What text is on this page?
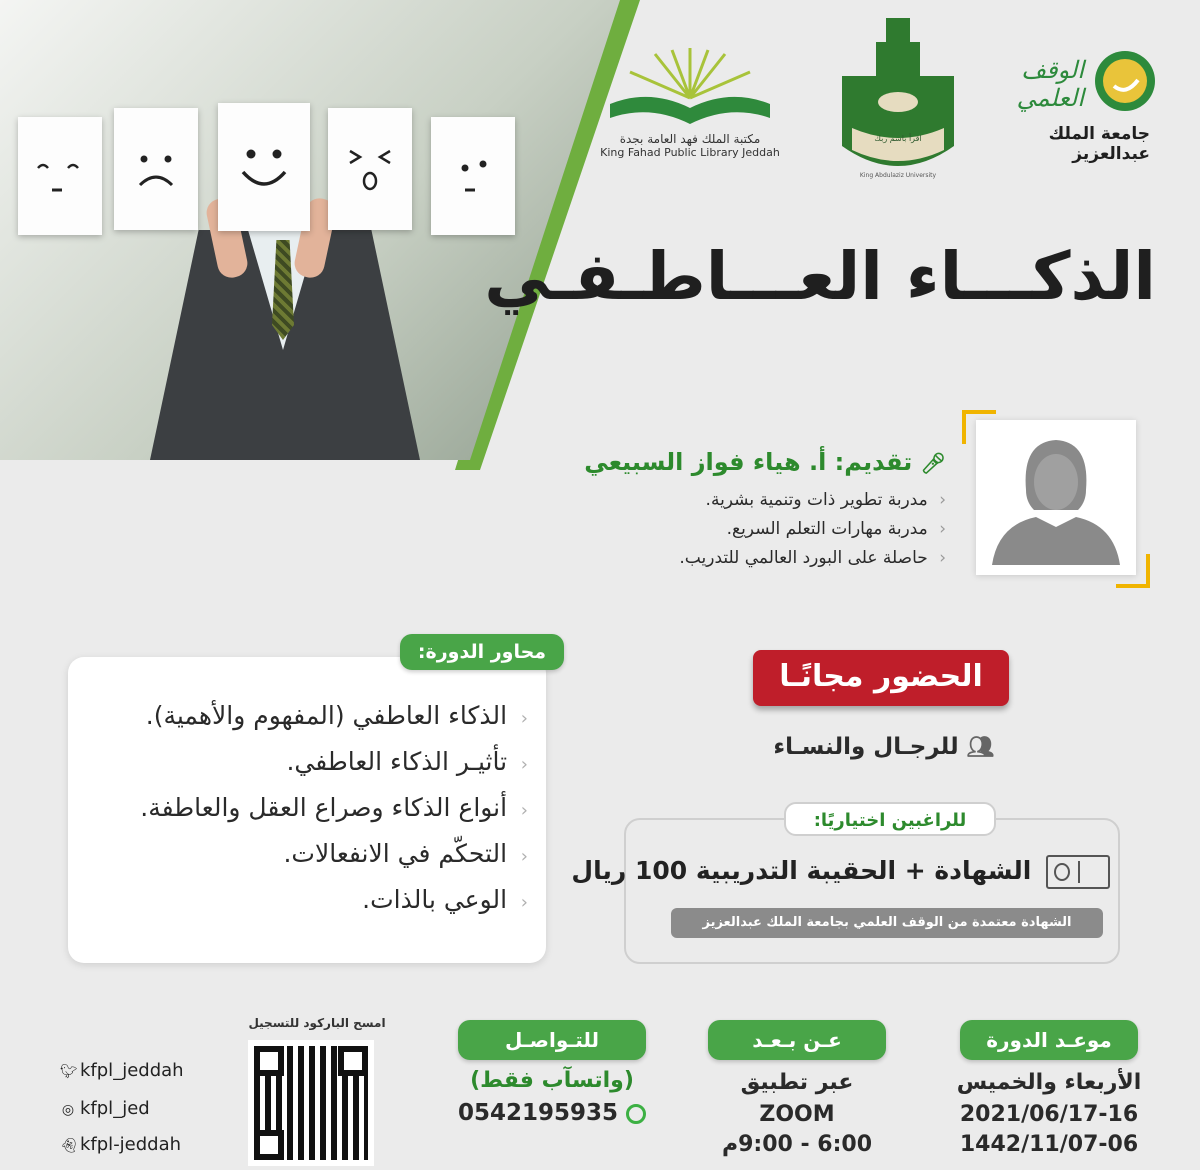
مكتبة الملك فهد العامة بجدة
King Fahad Public Library Jeddah
اقرأ باسم ربك
King Abdulaziz University
الوقف العلمي
جامعة الملك عبدالعزيز
الذكـــاء العـــاطـفـي
🎤︎ تقديم: أ. هياء فواز السبيعي
‹ مدربة تطوير ذات وتنمية بشرية.
‹ مدربة مهارات التعلم السريع.
‹ حاصلة على البورد العالمي للتدريب.
‹ الذكاء العاطفي (المفهوم والأهمية).
‹ تأثيـر الذكاء العاطفي.
‹ أنواع الذكاء وصراع العقل والعاطفة.
‹ التحكّم في الانفعالات.
‹ الوعي بالذات.
محاور الدورة:
الحضور مجانًـا
👥︎ للرجـال والنسـاء
للراغبين اختياريًا:
الشهادة + الحقيبة التدريبية 100 ريال
الشهادة معتمدة من الوقف العلمي بجامعة الملك عبدالعزيز
موعـد الدورة
الأربعاء والخميس
2021/06/17-16
1442/11/07-06
عـن بـعـد
عبر تطبيق
ZOOM
6:00 - 9:00م
للتـواصـل
(واتسآب فقط)
0542195935
امسح الباركود للتسجيل
🐦︎ kfpl_jeddah
◎ kfpl_jed
👻︎ kfpl-jeddah
